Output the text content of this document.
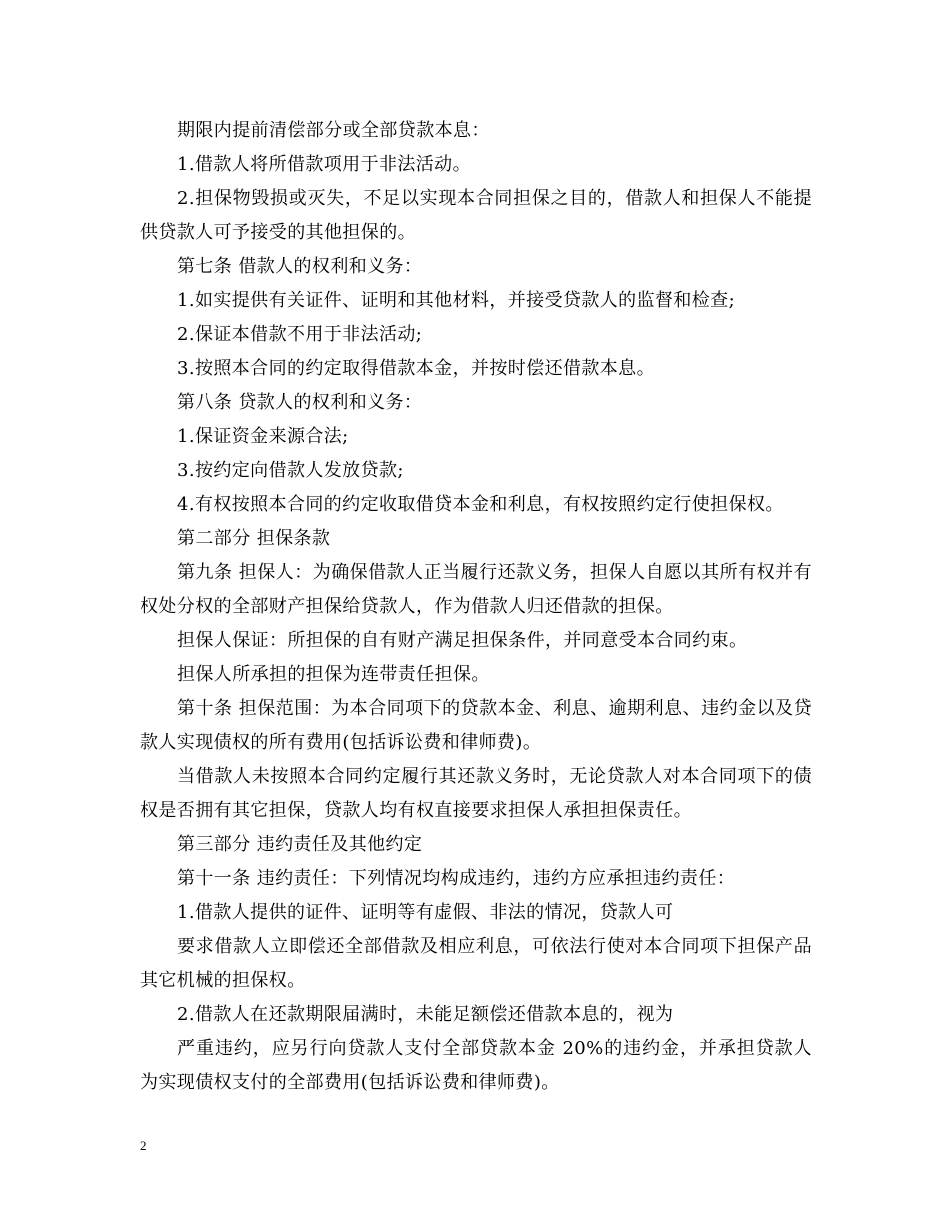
期限内提前清偿部分或全部贷款本息：

1.借款人将所借款项用于非法活动。

2.担保物毁损或灭失，不足以实现本合同担保之目的，借款人和担保人不能提供贷款人可予接受的其他担保的。

第七条 借款人的权利和义务：

1.如实提供有关证件、证明和其他材料，并接受贷款人的监督和检查;

2.保证本借款不用于非法活动;

3.按照本合同的约定取得借款本金，并按时偿还借款本息。

第八条 贷款人的权利和义务：

1.保证资金来源合法;

3.按约定向借款人发放贷款;

4.有权按照本合同的约定收取借贷本金和利息，有权按照约定行使担保权。

第二部分 担保条款

第九条 担保人：为确保借款人正当履行还款义务，担保人自愿以其所有权并有权处分权的全部财产担保给贷款人，作为借款人归还借款的担保。

担保人保证：所担保的自有财产满足担保条件，并同意受本合同约束。

担保人所承担的担保为连带责任担保。

第十条 担保范围：为本合同项下的贷款本金、利息、逾期利息、违约金以及贷款人实现债权的所有费用(包括诉讼费和律师费)。

当借款人未按照本合同约定履行其还款义务时，无论贷款人对本合同项下的债权是否拥有其它担保，贷款人均有权直接要求担保人承担担保责任。

第三部分 违约责任及其他约定

第十一条 违约责任：下列情况均构成违约，违约方应承担违约责任：

1.借款人提供的证件、证明等有虚假、非法的情况，贷款人可

要求借款人立即偿还全部借款及相应利息，可依法行使对本合同项下担保产品其它机械的担保权。

2.借款人在还款期限届满时，未能足额偿还借款本息的，视为

严重违约，应另行向贷款人支付全部贷款本金 20%的违约金，并承担贷款人为实现债权支付的全部费用(包括诉讼费和律师费)。

2
